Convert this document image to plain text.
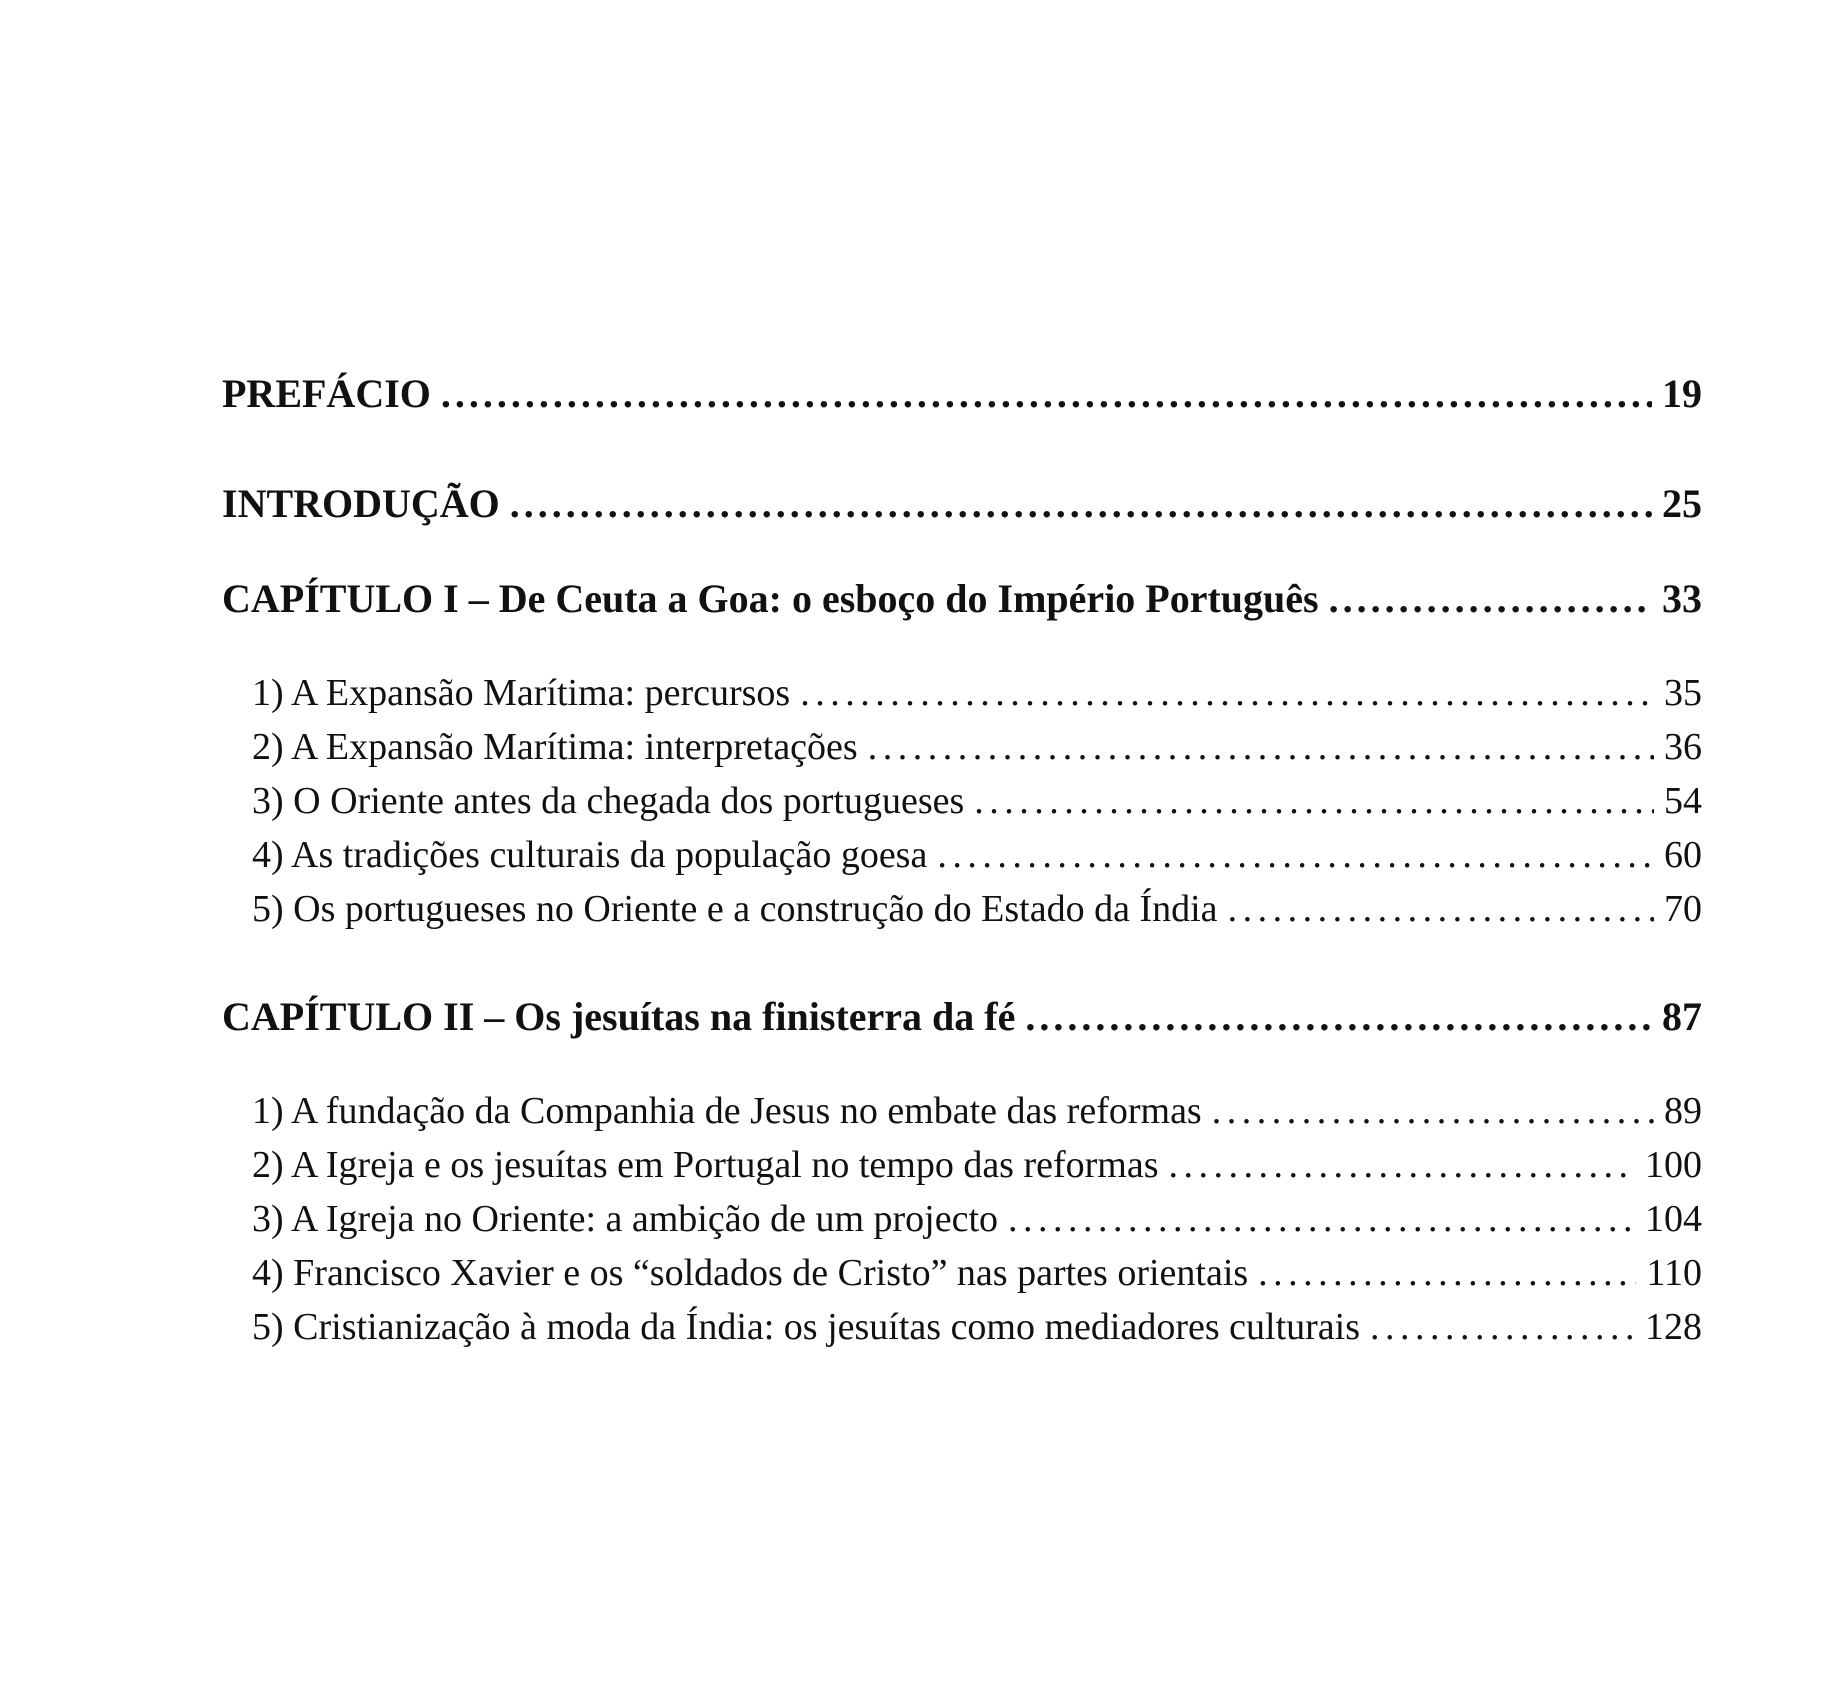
PREFÁCIO . . .	19
INTRODUÇÃO . . .	25
CAPÍTULO I – De Ceuta a Goa: o esboço do Império Português . . .	33
1) A Expansão Marítima: percursos . . .	35
2) A Expansão Marítima: interpretações . . .	36
3) O Oriente antes da chegada dos portugueses . . .	54
4) As tradições culturais da população goesa . . .	60
5) Os portugueses no Oriente e a construção do Estado da Índia . . .	70
CAPÍTULO II – Os jesuítas na finisterra da fé . . .	87
1) A fundação da Companhia de Jesus no embate das reformas . . .	89
2) A Igreja e os jesuítas em Portugal no tempo das reformas . . .	100
3) A Igreja no Oriente: a ambição de um projecto . . .	104
4) Francisco Xavier e os “soldados de Cristo” nas partes orientais . . .	110
5) Cristianização à moda da Índia: os jesuítas como mediadores culturais . . .	128
